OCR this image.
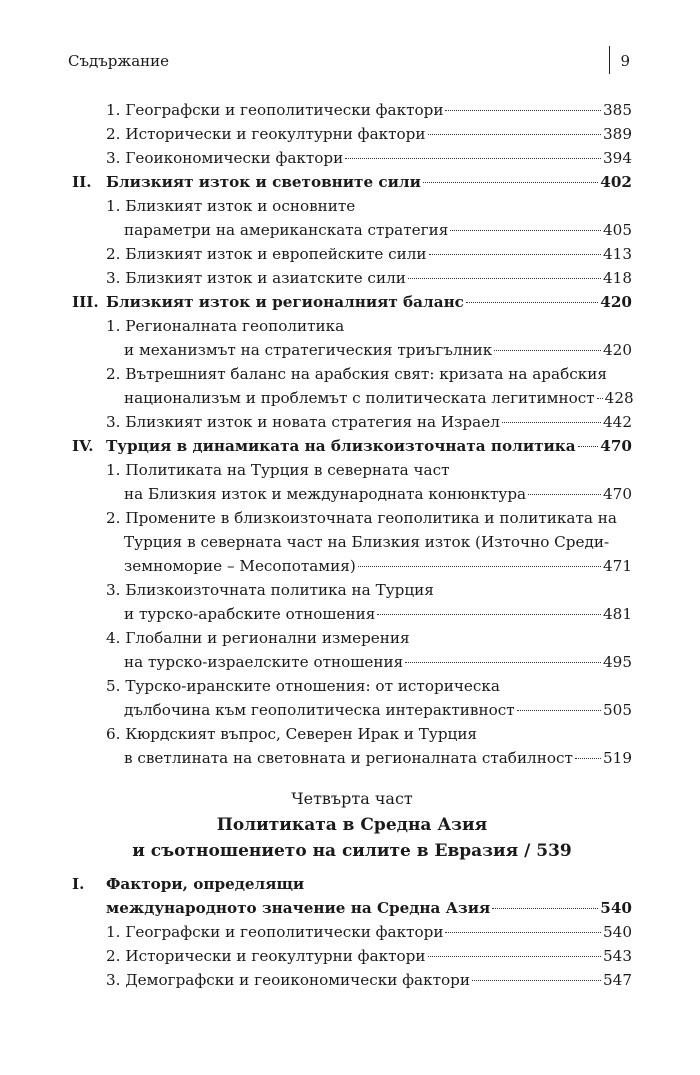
Съдържание	9
1. Географски и геополитически фактори	385
2. Исторически и геокултурни фактори	389
3. Геоикономически фактори	394
II. Близкият изток и световните сили	402
1. Близкият изток и основните
параметри на американската стратегия	405
2. Близкият изток и европейските сили	413
3. Близкият изток и азиатските сили	418
III. Близкият изток и регионалният баланс	420
1. Регионалната геополитика
и механизмът на стратегическия триъгълник	420
2. Вътрешният баланс на арабския свят: кризата на арабския
национализъм и проблемът с политическата легитимност 428
3. Близкият изток и новата стратегия на Израел	442
IV. Турция в динамиката на близкоизточната политика 470
1. Политиката на Турция в северната част
на Близкия изток и международната конюнктура	470
2. Промените в близкоизточната геополитика и политиката на
Турция в северната част на Близкия изток (Източно Среди-
земноморие – Месопотамия)	471
3. Близкоизточната политика на Турция
и турско-арабските отношения	481
4. Глобални и регионални измерения
на турско-израелските отношения	495
5. Турско-иранските отношения: от историческа
дълбочина към геополитическа интерактивност	505
6. Кюрдският въпрос, Северен Ирак и Турция
в светлината на световната и регионалната стабилност 519
Четвърта част
Политиката в Средна Азия
и съотношението на силите в Евразия / 539
I. Фактори, определящи
международното значение на Средна Азия	540
1. Географски и геополитически фактори	540
2. Исторически и геокултурни фактори	543
3. Демографски и геоикономически фактори	547
